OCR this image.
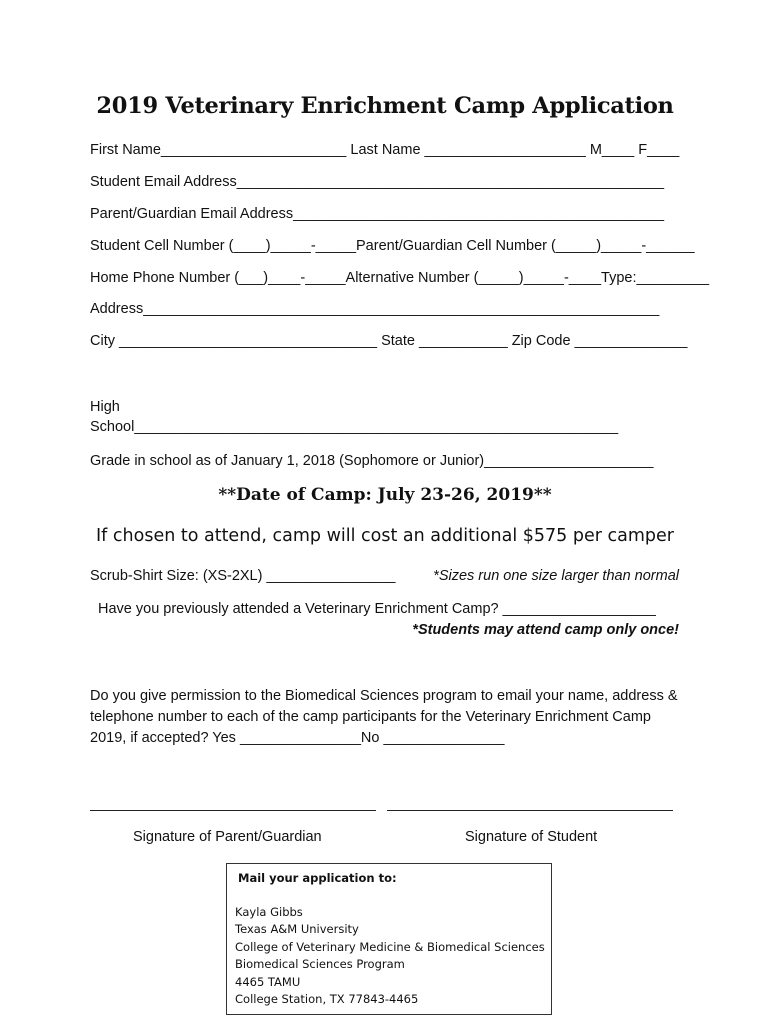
2019 Veterinary Enrichment Camp Application
First Name_______________________ Last Name ____________________ M____ F____
Student Email Address_____________________________________________________
Parent/Guardian Email Address______________________________________________
Student Cell Number (____)_____-_____Parent/Guardian Cell Number (_____)_____-______
Home Phone Number (___)____-_____Alternative Number (_____)_____-____Type:_________
Address________________________________________________________________
City ________________________________ State ___________ Zip Code ______________
High
School____________________________________________________________
Grade in school as of January 1, 2018 (Sophomore or Junior)_____________________
**Date of Camp: July 23-26, 2019**
If chosen to attend, camp will cost an additional $575 per camper
Scrub-Shirt Size: (XS-2XL) ________________	*Sizes run one size larger than normal
Have you previously attended a Veterinary Enrichment Camp? ___________________
*Students may attend camp only once!
Do you give permission to the Biomedical Sciences program to email your name, address & telephone number to each of the camp participants for the Veterinary Enrichment Camp 2019, if accepted? Yes _______________No _______________
Signature of Parent/Guardian	Signature of Student
Mail your application to:
Kayla Gibbs
Texas A&M University
College of Veterinary Medicine & Biomedical Sciences
Biomedical Sciences Program
4465 TAMU
College Station, TX 77843-4465
